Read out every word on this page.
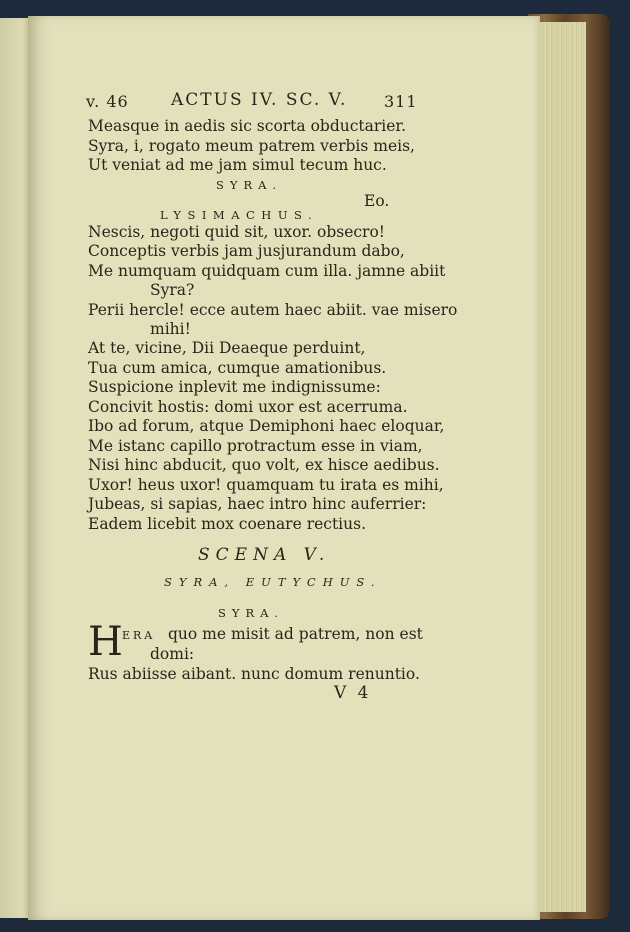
v. 46 ACTUS IV. SC. V. 311
Measque in aedis sic scorta obductarier.
Syra, i, rogato meum patrem verbis meis,
Ut veniat ad me jam simul tecum huc.
SYRA.
Eo.
LYSIMACHUS.
Nescis, negoti quid sit, uxor. obsecro!
Conceptis verbis jam jusjurandum dabo,
Me numquam quidquam cum illa. jamne abiit
Syra?
Perii hercle! ecce autem haec abiit. vae misero
mihi!
At te, vicine, Dii Deaeque perduint,
Tua cum amica, cumque amationibus.
Suspicione inplevit me indignissume:
Concivit hostis: domi uxor est acerruma.
Ibo ad forum, atque Demiphoni haec eloquar,
Me istanc capillo protractum esse in viam,
Nisi hinc abducit, quo volt, ex hisce aedibus.
Uxor! heus uxor! quamquam tu irata es mihi,
Jubeas, si sapias, haec intro hinc auferrier:
Eadem licebit mox coenare rectius.
SCENA V.
SYRA, EUTYCHUS.
SYRA.
H ERA quo me misit ad patrem, non est
domi:
Rus abiisse aibant. nunc domum renuntio.
V 4
